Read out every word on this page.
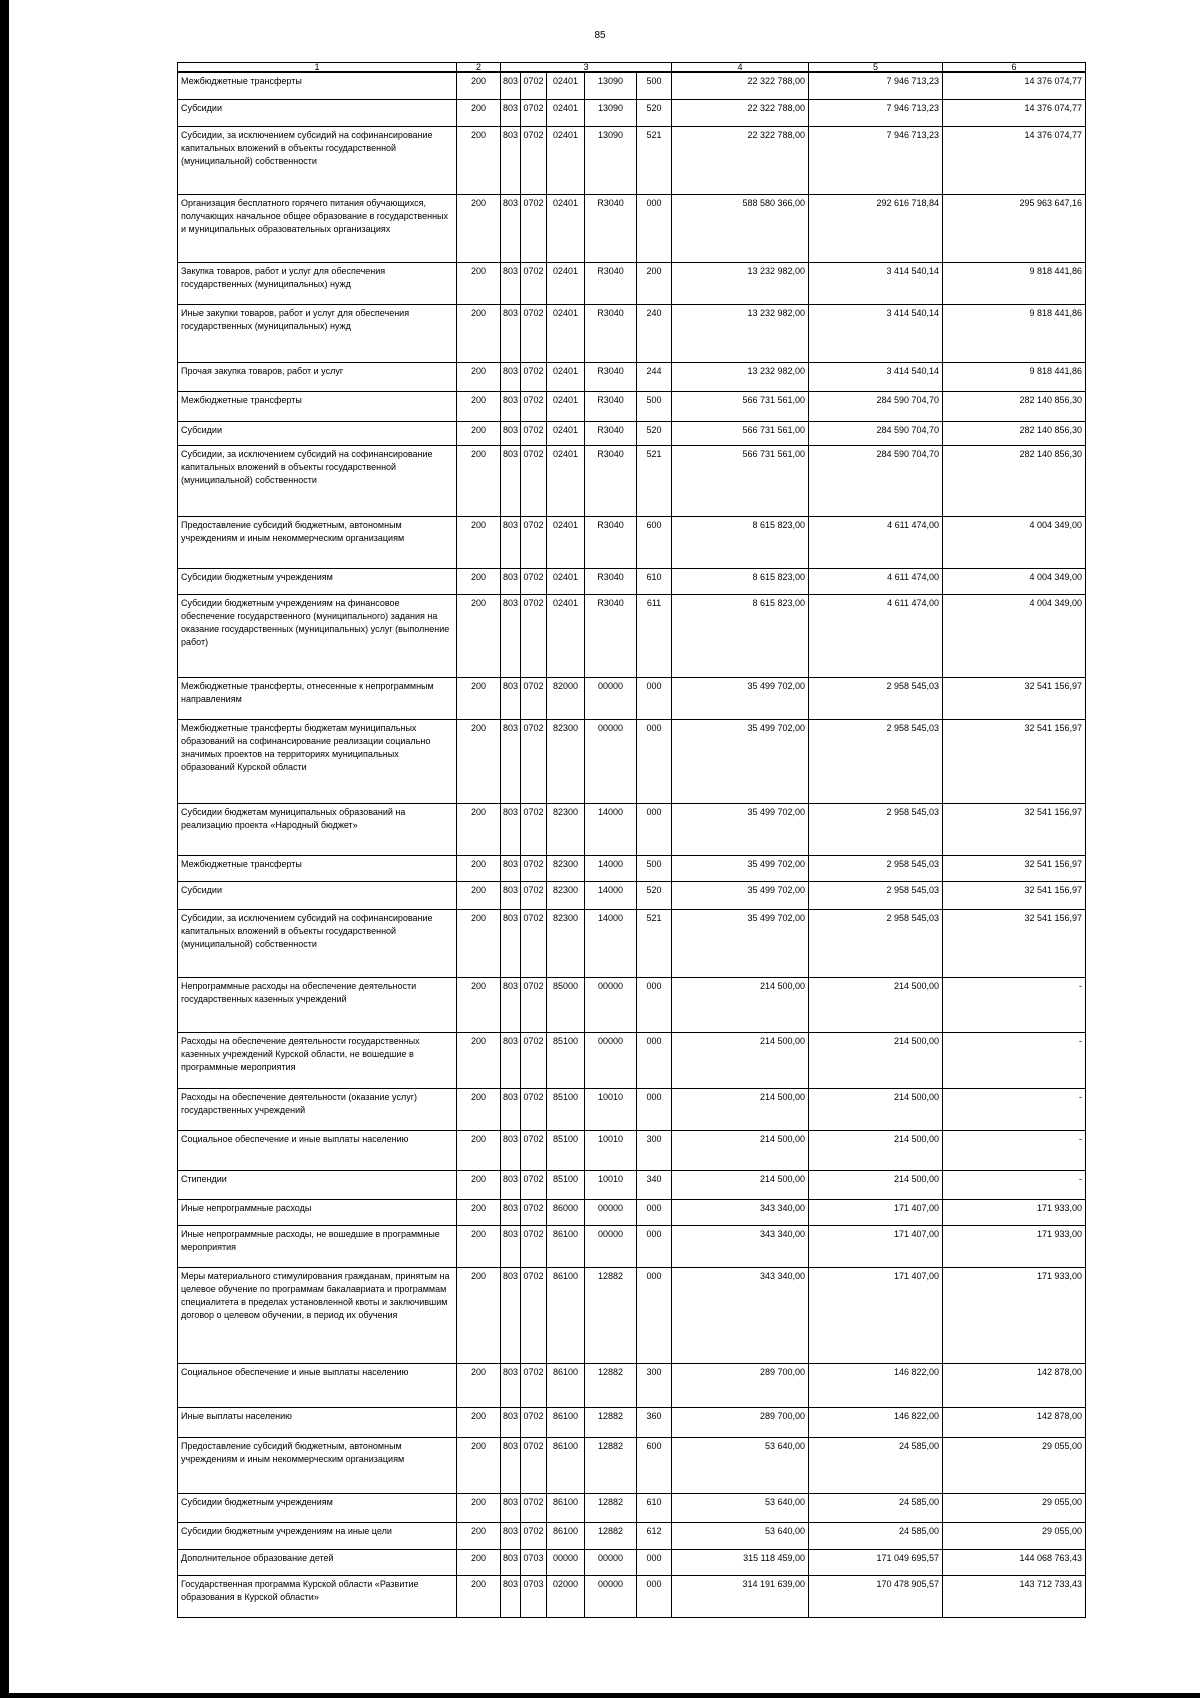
85
1	2	3					4	5	6
Межбюджетные трансферты	200	803	0702	02401	13090	500	22 322 788,00	7 946 713,23	14 376 074,77
Субсидии	200	803	0702	02401	13090	520	22 322 788,00	7 946 713,23	14 376 074,77
Субсидии, за исключением субсидий на софинансирование капитальных вложений в объекты государственной (муниципальной) собственности	200	803	0702	02401	13090	521	22 322 788,00	7 946 713,23	14 376 074,77
Организация бесплатного горячего питания обучающихся, получающих начальное общее образование в государственных и муниципальных образовательных организациях	200	803	0702	02401	R3040	000	588 580 366,00	292 616 718,84	295 963 647,16
Закупка товаров, работ и услуг для обеспечения государственных (муниципальных) нужд	200	803	0702	02401	R3040	200	13 232 982,00	3 414 540,14	9 818 441,86
Иные закупки товаров, работ и услуг для обеспечения государственных (муниципальных) нужд	200	803	0702	02401	R3040	240	13 232 982,00	3 414 540,14	9 818 441,86
Прочая закупка товаров, работ и услуг	200	803	0702	02401	R3040	244	13 232 982,00	3 414 540,14	9 818 441,86
Межбюджетные трансферты	200	803	0702	02401	R3040	500	566 731 561,00	284 590 704,70	282 140 856,30
Субсидии	200	803	0702	02401	R3040	520	566 731 561,00	284 590 704,70	282 140 856,30
Субсидии, за исключением субсидий на софинансирование капитальных вложений в объекты государственной (муниципальной) собственности	200	803	0702	02401	R3040	521	566 731 561,00	284 590 704,70	282 140 856,30
Предоставление субсидий бюджетным, автономным учреждениям и иным некоммерческим организациям	200	803	0702	02401	R3040	600	8 615 823,00	4 611 474,00	4 004 349,00
Субсидии бюджетным учреждениям	200	803	0702	02401	R3040	610	8 615 823,00	4 611 474,00	4 004 349,00
Субсидии бюджетным учреждениям на финансовое обеспечение государственного (муниципального) задания на оказание государственных (муниципальных) услуг (выполнение работ)	200	803	0702	02401	R3040	611	8 615 823,00	4 611 474,00	4 004 349,00
Межбюджетные трансферты, отнесенные к непрограммным направлениям	200	803	0702	82000	00000	000	35 499 702,00	2 958 545,03	32 541 156,97
Межбюджетные трансферты бюджетам муниципальных образований на софинансирование реализации социально значимых проектов на территориях муниципальных образований Курской области	200	803	0702	82300	00000	000	35 499 702,00	2 958 545,03	32 541 156,97
Субсидии бюджетам муниципальных образований на реализацию проекта «Народный бюджет»	200	803	0702	82300	14000	000	35 499 702,00	2 958 545,03	32 541 156,97
Межбюджетные трансферты	200	803	0702	82300	14000	500	35 499 702,00	2 958 545,03	32 541 156,97
Субсидии	200	803	0702	82300	14000	520	35 499 702,00	2 958 545,03	32 541 156,97
Субсидии, за исключением субсидий на софинансирование капитальных вложений в объекты государственной (муниципальной) собственности	200	803	0702	82300	14000	521	35 499 702,00	2 958 545,03	32 541 156,97
Непрограммные расходы на обеспечение деятельности государственных казенных учреждений	200	803	0702	85000	00000	000	214 500,00	214 500,00	-
Расходы на обеспечение деятельности государственных казенных учреждений Курской области, не вошедшие в программные мероприятия	200	803	0702	85100	00000	000	214 500,00	214 500,00	-
Расходы на обеспечение деятельности (оказание услуг) государственных учреждений	200	803	0702	85100	10010	000	214 500,00	214 500,00	-
Социальное обеспечение и иные выплаты населению	200	803	0702	85100	10010	300	214 500,00	214 500,00	-
Стипендии	200	803	0702	85100	10010	340	214 500,00	214 500,00	-
Иные непрограммные расходы	200	803	0702	86000	00000	000	343 340,00	171 407,00	171 933,00
Иные непрограммные расходы, не вошедшие в программные мероприятия	200	803	0702	86100	00000	000	343 340,00	171 407,00	171 933,00
Меры материального стимулирования гражданам, принятым на целевое обучение по программам бакалавриата и программам специалитета в пределах установленной квоты и заключившим договор о целевом обучении, в период их обучения	200	803	0702	86100	12882	000	343 340,00	171 407,00	171 933,00
Социальное обеспечение и иные выплаты населению	200	803	0702	86100	12882	300	289 700,00	146 822,00	142 878,00
Иные выплаты населению	200	803	0702	86100	12882	360	289 700,00	146 822,00	142 878,00
Предоставление субсидий бюджетным, автономным учреждениям и иным некоммерческим организациям	200	803	0702	86100	12882	600	53 640,00	24 585,00	29 055,00
Субсидии бюджетным учреждениям	200	803	0702	86100	12882	610	53 640,00	24 585,00	29 055,00
Субсидии бюджетным учреждениям на иные цели	200	803	0702	86100	12882	612	53 640,00	24 585,00	29 055,00
Дополнительное образование детей	200	803	0703	00000	00000	000	315 118 459,00	171 049 695,57	144 068 763,43
Государственная программа Курской области «Развитие образования в Курской области»	200	803	0703	02000	00000	000	314 191 639,00	170 478 905,57	143 712 733,43
